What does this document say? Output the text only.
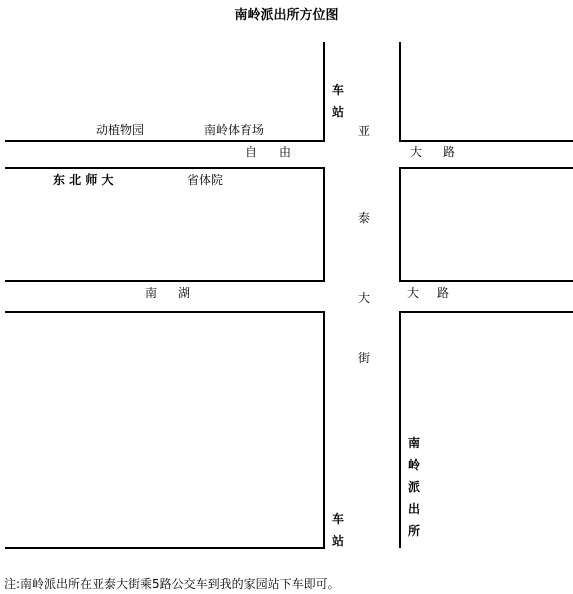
南岭派出所方位图
自 由	大 路
南 湖	大 路
亚
泰
大
街
动植物园	南岭体育场
东 北 师 大	省体院
车站
车站
南岭派出所
注:南岭派出所在亚泰大街乘5路公交车到我的家园站下车即可。
